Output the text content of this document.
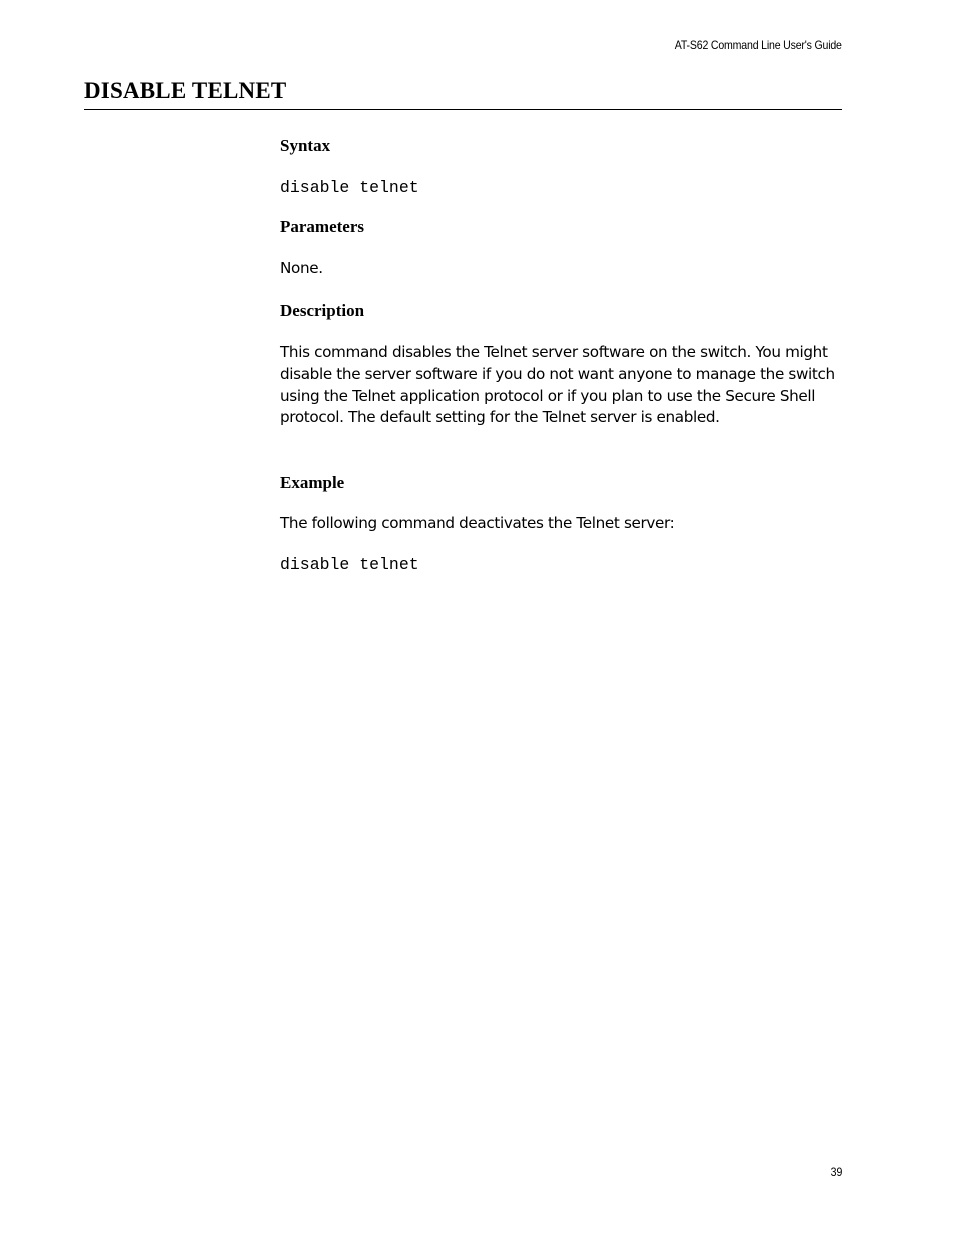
AT-S62 Command Line User's Guide
DISABLE TELNET
Syntax
disable telnet
Parameters

None.

Description

This command disables the Telnet server software on the switch. You might disable the server software if you do not want anyone to manage the switch using the Telnet application protocol or if you plan to use the Secure Shell protocol. The default setting for the Telnet server is enabled.

Example

The following command deactivates the Telnet server:

disable telnet
39
